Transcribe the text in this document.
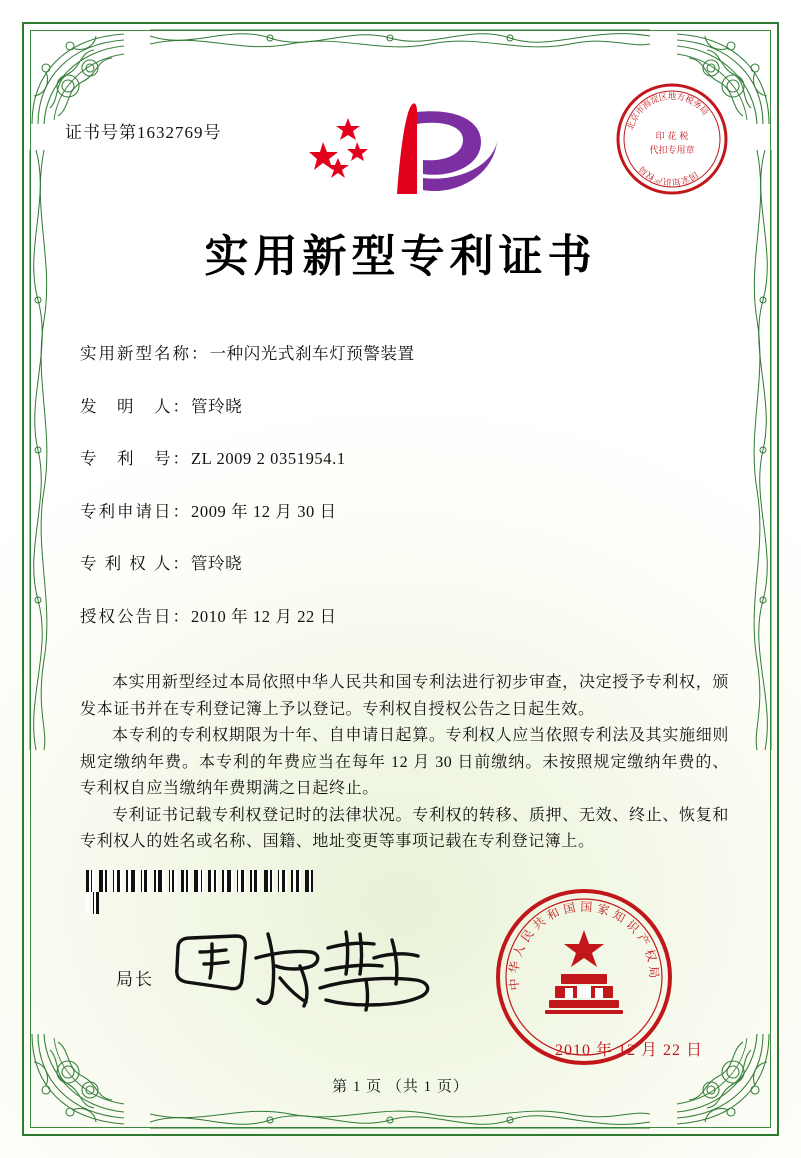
证书号第1632769号	印 花 税
代扣专用章
北
京
市
海
淀
区 地 方
税
务
局
国
家
知
识
产
权
局
实用新型专利证书
实用新型名称：一种闪光式刹车灯预警装置
发　明　人：管玲晓
专　利　号：ZL 2009 2 0351954.1
专利申请日：2009 年 12 月 30 日
专 利 权 人：管玲晓
授权公告日：2010 年 12 月 22 日

本实用新型经过本局依照中华人民共和国专利法进行初步审查，决定授予专利权，颁发本证书并在专利登记簿上予以登记。专利权自授权公告之日起生效。

本专利的专利权期限为十年、自申请日起算。专利权人应当依照专利法及其实施细则规定缴纳年费。本专利的年费应当在每年 12 月 30 日前缴纳。未按照规定缴纳年费的、专利权自应当缴纳年费期满之日起终止。

专利证书记载专利权登记时的法律状况。专利权的转移、质押、无效、终止、恢复和专利权人的姓名或名称、国籍、地址变更等事项记载在专利登记簿上。

局长	中
华
人
民
共
和 国 国 家 知
识
产
权
局
2010 年 12 月 22 日
第 1 页 （共 1 页）
